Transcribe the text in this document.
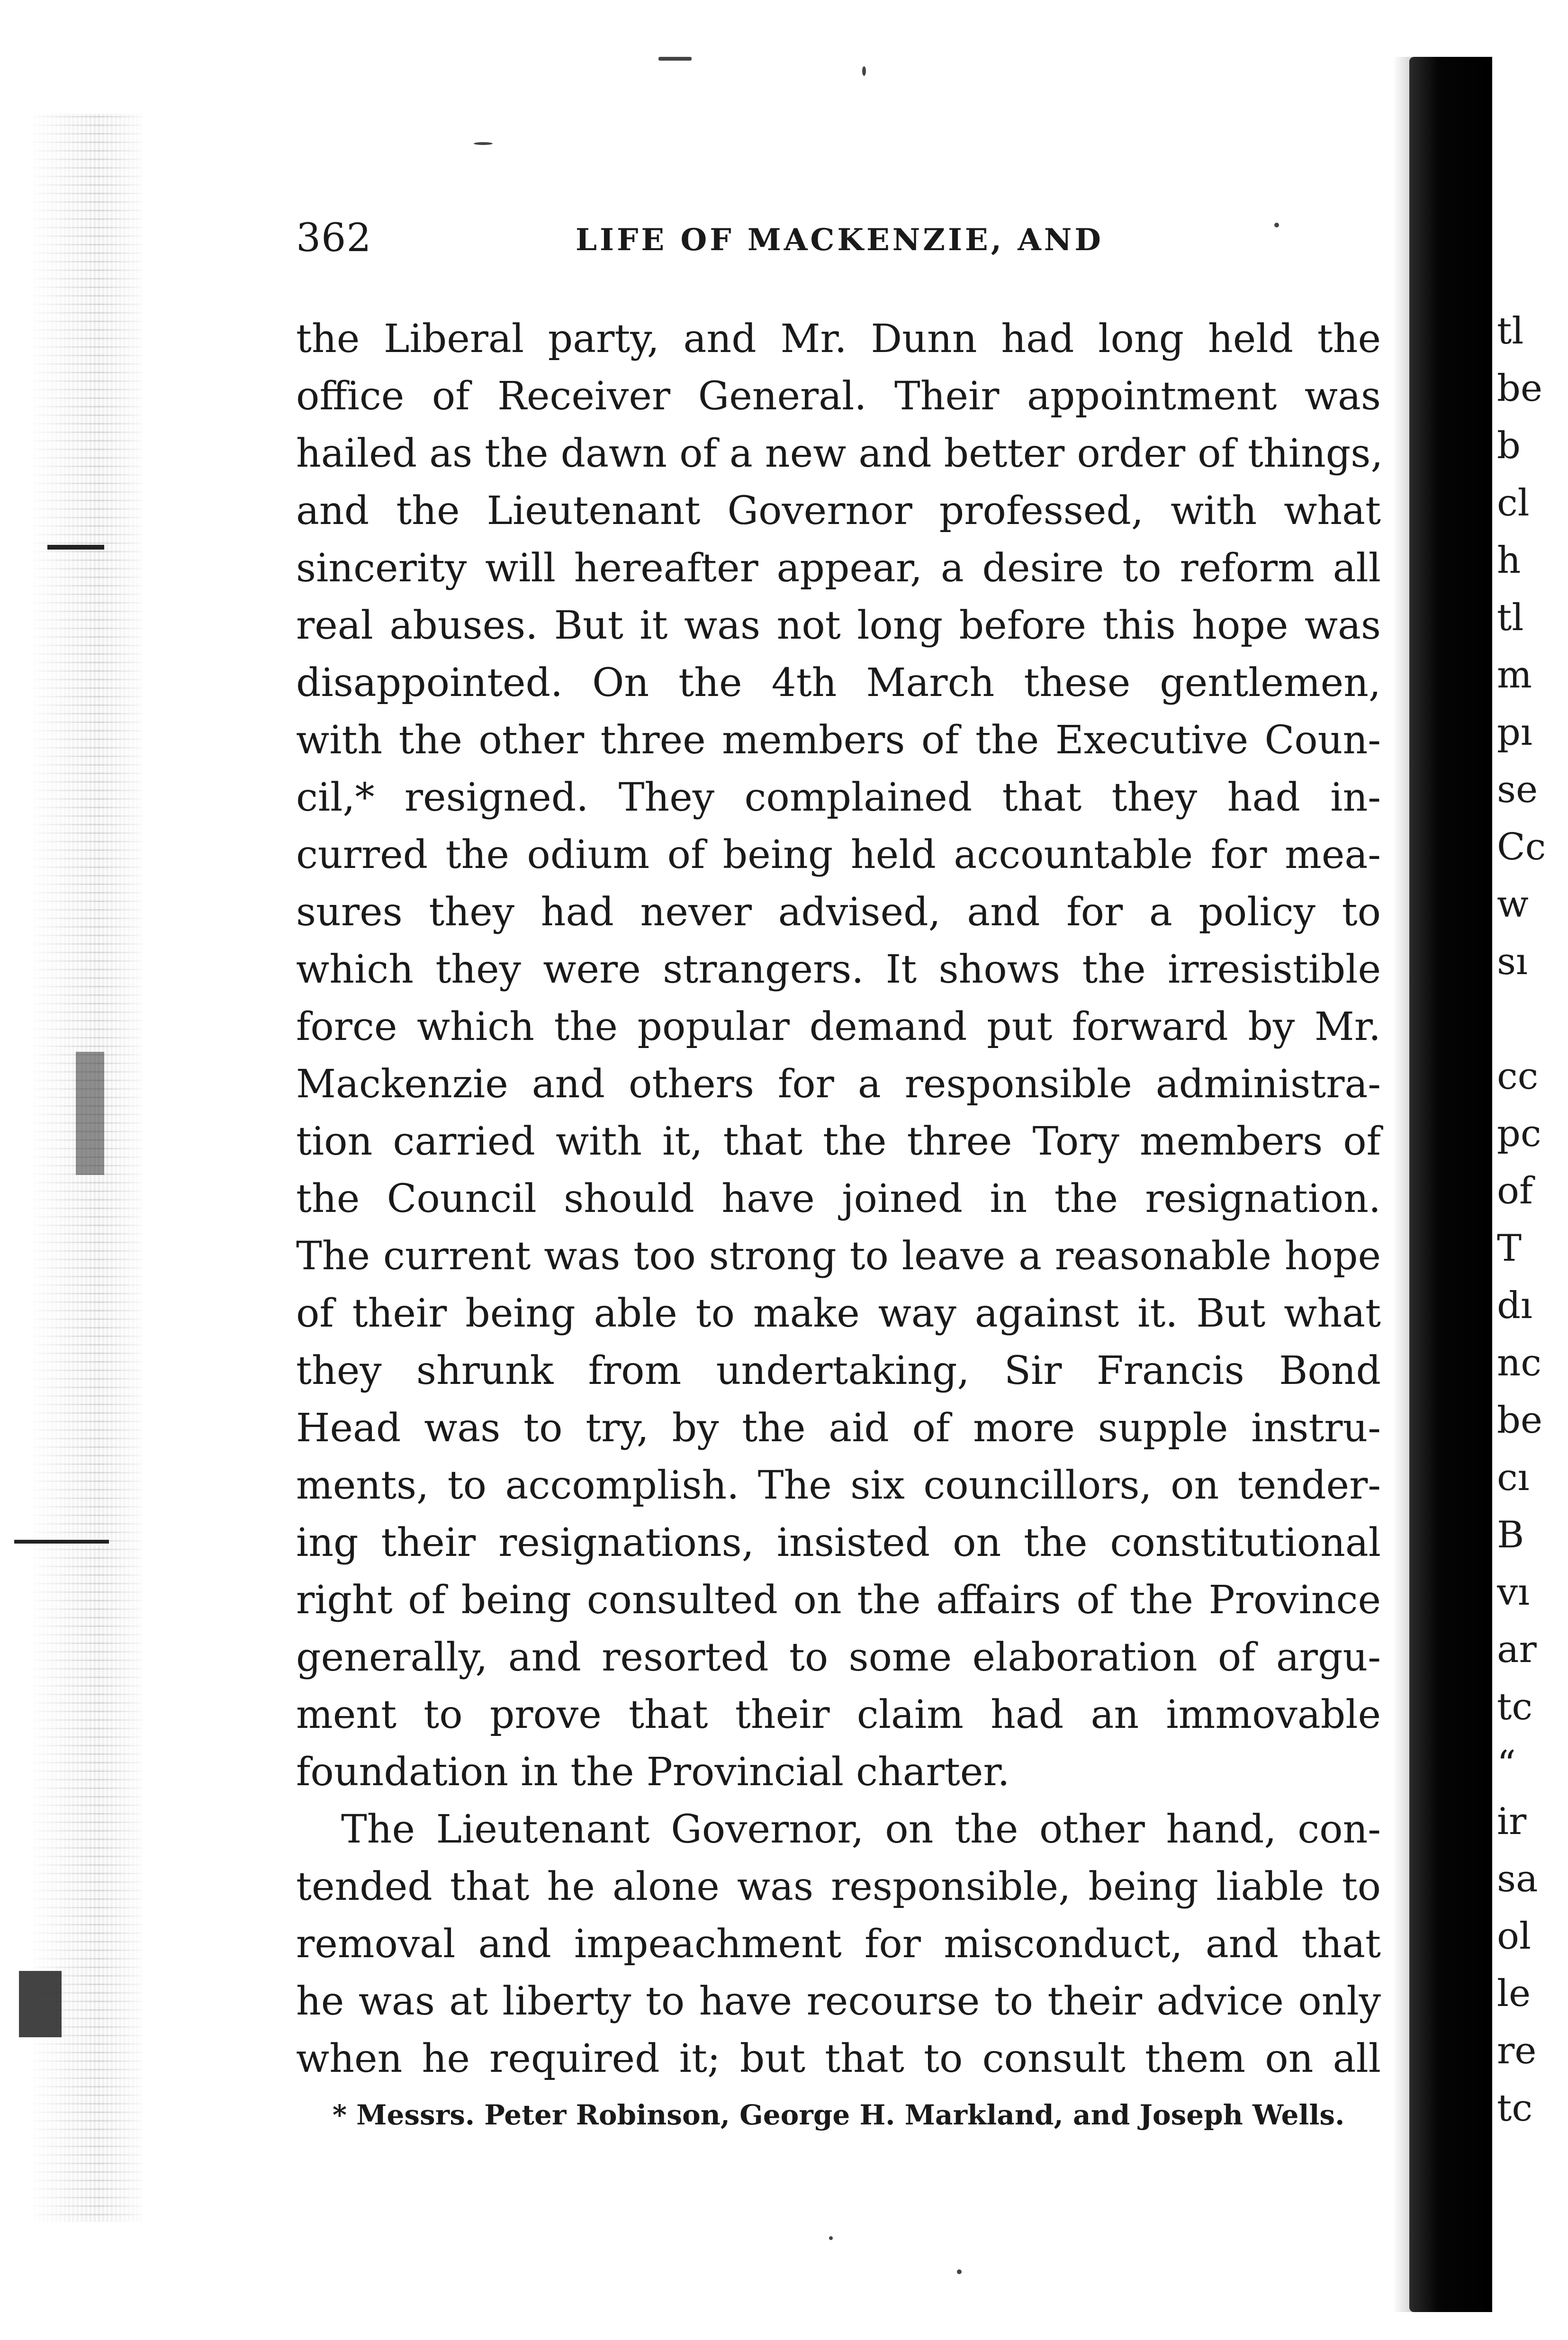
tl
be
b
cl
h
tl
m
pı
se
Cc
w
sı
cc
pc
of
T
dı
nc
be
cı
B
vı
ar
tc
“
ir
sa
ol
le
re
tc
362	LIFE OF MACKENZIE, AND
the Liberal party, and Mr. Dunn had long held the
office of Receiver General. Their appointment was
hailed as the dawn of a new and better order of things,
and the Lieutenant Governor professed, with what
sincerity will hereafter appear, a desire to reform all
real abuses. But it was not long before this hope was
disappointed. On the 4th March these gentlemen,
with the other three members of the Executive Coun-
cil,* resigned. They complained that they had in-
curred the odium of being held accountable for mea-
sures they had never advised, and for a policy to
which they were strangers. It shows the irresistible
force which the popular demand put forward by Mr.
Mackenzie and others for a responsible administra-
tion carried with it, that the three Tory members of
the Council should have joined in the resignation.
The current was too strong to leave a reasonable hope
of their being able to make way against it. But what
they shrunk from undertaking, Sir Francis Bond
Head was to try, by the aid of more supple instru-
ments, to accomplish. The six councillors, on tender-
ing their resignations, insisted on the constitutional
right of being consulted on the affairs of the Province
generally, and resorted to some elaboration of argu-
ment to prove that their claim had an immovable
foundation in the Provincial charter.
The Lieutenant Governor, on the other hand, con-
tended that he alone was responsible, being liable to
removal and impeachment for misconduct, and that
he was at liberty to have recourse to their advice only
when he required it; but that to consult them on all
* Messrs. Peter Robinson, George H. Markland, and Joseph Wells.
